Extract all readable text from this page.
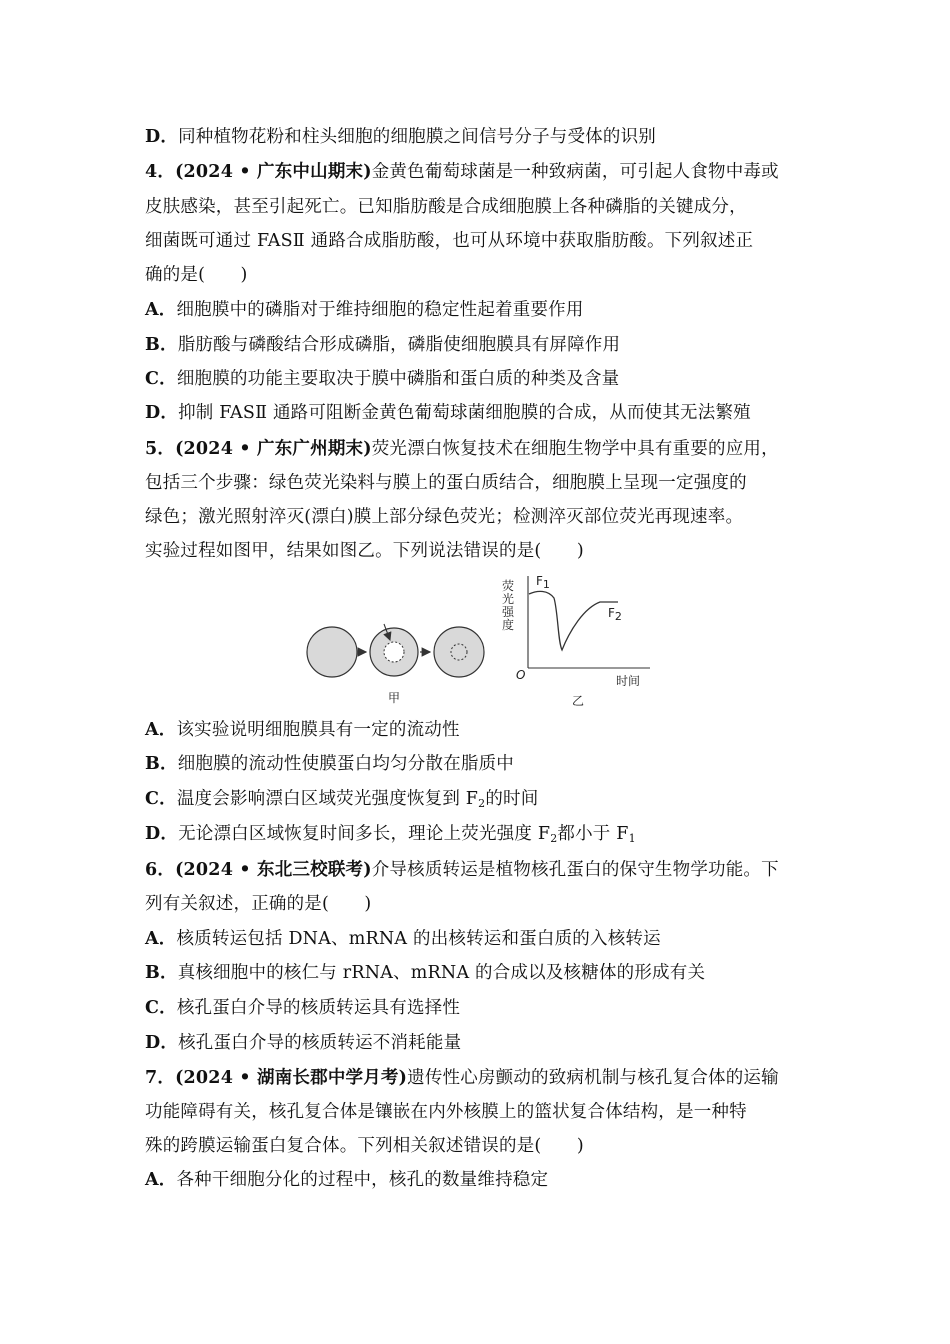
D．同种植物花粉和柱头细胞的细胞膜之间信号分子与受体的识别
4．(2024 • 广东中山期末)金黄色葡萄球菌是一种致病菌，可引起人食物中毒或
皮肤感染，甚至引起死亡。已知脂肪酸是合成细胞膜上各种磷脂的关键成分，
细菌既可通过 FASⅡ 通路合成脂肪酸，也可从环境中获取脂肪酸。下列叙述正
确的是(　　)
A．细胞膜中的磷脂对于维持细胞的稳定性起着重要作用
B．脂肪酸与磷酸结合形成磷脂，磷脂使细胞膜具有屏障作用
C．细胞膜的功能主要取决于膜中磷脂和蛋白质的种类及含量
D．抑制 FASⅡ 通路可阻断金黄色葡萄球菌细胞膜的合成，从而使其无法繁殖
5．(2024 • 广东广州期末)荧光漂白恢复技术在细胞生物学中具有重要的应用，
包括三个步骤：绿色荧光染料与膜上的蛋白质结合，细胞膜上呈现一定强度的
绿色；激光照射淬灭(漂白)膜上部分绿色荧光；检测淬灭部位荧光再现速率。
实验过程如图甲，结果如图乙。下列说法错误的是(　　)
甲	乙
O	时间
荧光强度
$F_1$
$F_2$
A．该实验说明细胞膜具有一定的流动性
B．细胞膜的流动性使膜蛋白均匀分散在脂质中
C．温度会影响漂白区域荧光强度恢复到 $F_2$的时间
D．无论漂白区域恢复时间多长，理论上荧光强度 $F_2$都小于 $F_1$
6．(2024 • 东北三校联考)介导核质转运是植物核孔蛋白的保守生物学功能。下
列有关叙述，正确的是(　　)
A．核质转运包括 DNA、mRNA 的出核转运和蛋白质的入核转运
B．真核细胞中的核仁与 rRNA、mRNA 的合成以及核糖体的形成有关
C．核孔蛋白介导的核质转运具有选择性
D．核孔蛋白介导的核质转运不消耗能量
7．(2024 • 湖南长郡中学月考)遗传性心房颤动的致病机制与核孔复合体的运输
功能障碍有关，核孔复合体是镶嵌在内外核膜上的篮状复合体结构，是一种特
殊的跨膜运输蛋白复合体。下列相关叙述错误的是(　　)
A．各种干细胞分化的过程中，核孔的数量维持稳定
